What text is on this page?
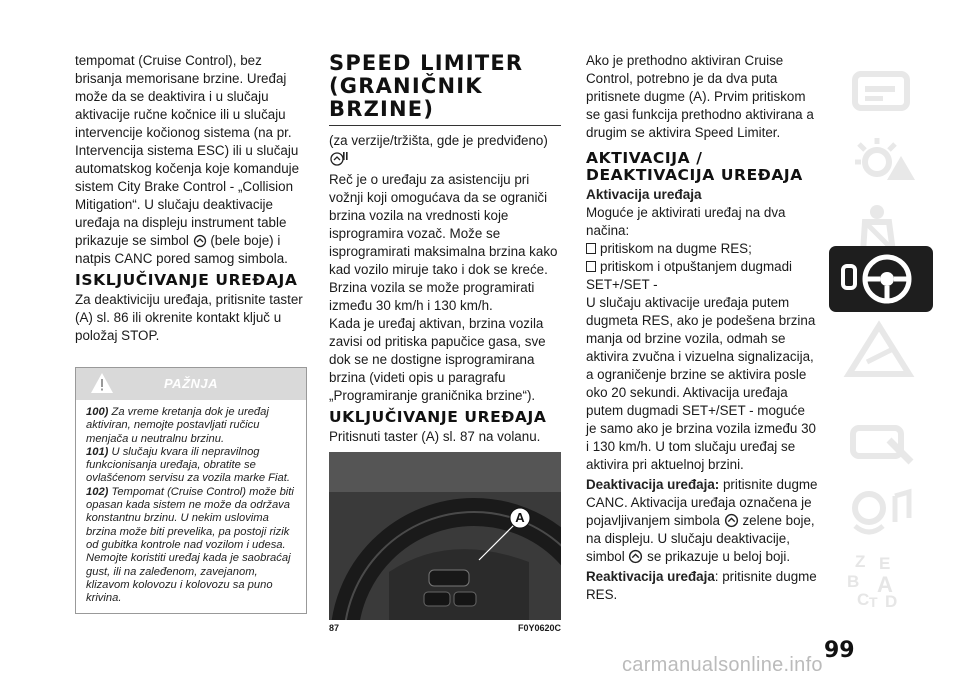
tempomat (Cruise Control), bez brisanja memorisane brzine. Uređaj može da se deaktivira i u slučaju aktivacije ručne kočnice ili u slučaju intervencije kočionog sistema (na pr. Intervencija sistema ESC) ili u slučaju automatskog kočenja koje komanduje sistem City Brake Control - „Collision Mitigation“. U slučaju deaktivacije uređaja na displeju instrument table prikazuje se simbol (bele boje) i natpis CANC pored samog simbola.

ISKLJUČIVANJE UREĐAJA

Za deaktiviciju uređaja, pritisnite taster (A) sl. 86 ili okrenite kontakt ključ u položaj STOP.

PAŽNJA
100) Za vreme kretanja dok je uređaj aktiviran, nemojte postavljati ručicu menjača u neutralnu brzinu.
101) U slučaju kvara ili nepravilnog funkcionisanja uređaja, obratite se ovlašćenom servisu za vozila marke Fiat.
102) Tempomat (Cruise Control) može biti opasan kada sistem ne može da održava konstantnu brzinu. U nekim uslovima brzina može biti prevelika, pa postoji rizik od gubitka kontrole nad vozilom i udesa. Nemojte koristiti uređaj kada je saobraćaj gust, ili na zaleđenom, zavejanom, klizavom kolovozu i kolovozu sa puno krivina.
SPEED LIMITER (GRANIČNIK BRZINE)

(za verzije/tržišta, gde je predviđeno)

Reč je o uređaju za asistenciju pri vožnji koji omogućava da se ograniči brzina vozila na vrednosti koje isprogramira vozač. Može se isprogramirati maksimalna brzina kako kad vozilo miruje tako i dok se kreće. Brzina vozila se može programirati između 30 km/h i 130 km/h.

Kada je uređaj aktivan, brzina vozila zavisi od pritiska papučice gasa, sve dok se ne dostigne isprogramirana brzina (videti opis u paragrafu „Programiranje graničnika brzine“).

UKLJUČIVANJE UREĐAJA

Pritisnuti taster (A) sl. 87 na volanu.

A
87	F0Y0620C

Ako je prethodno aktiviran Cruise Control, potrebno je da dva puta pritisnete dugme (A). Prvim pritiskom se gasi funkcija prethodno aktivirana a drugim se aktivira Speed Limiter.

AKTIVACIJA / DEAKTIVACIJA UREĐAJA
Aktivacija uređaja

Moguće je aktivirati uređaj na dva načina:

pritiskom na dugme RES;

pritiskom i otpuštanjem dugmadi SET+/SET -

U slučaju aktivacije uređaja putem dugmeta RES, ako je podešena brzina manja od brzine vozila, odmah se aktivira zvučna i vizuelna signalizacija, a ograničenje brzine se aktivira posle oko 20 sekundi. Aktivacija uređaja putem dugmadi SET+/SET - moguće je samo ako je brzina vozila između 30 i 130 km/h. U tom slučaju uređaj se aktivira pri aktuelnoj brzini.

Deaktivacija uređaja: pritisnite dugme CANC. Aktivacija uređaja označena je pojavljivanjem simbola zelene boje, na displeju. U slučaju deaktivacije, simbol se prikazuje u beloj boji.

Reaktivacija uređaja: pritisnite dugme RES.

Z E
B A
C T D
99
carmanualsonline.info
